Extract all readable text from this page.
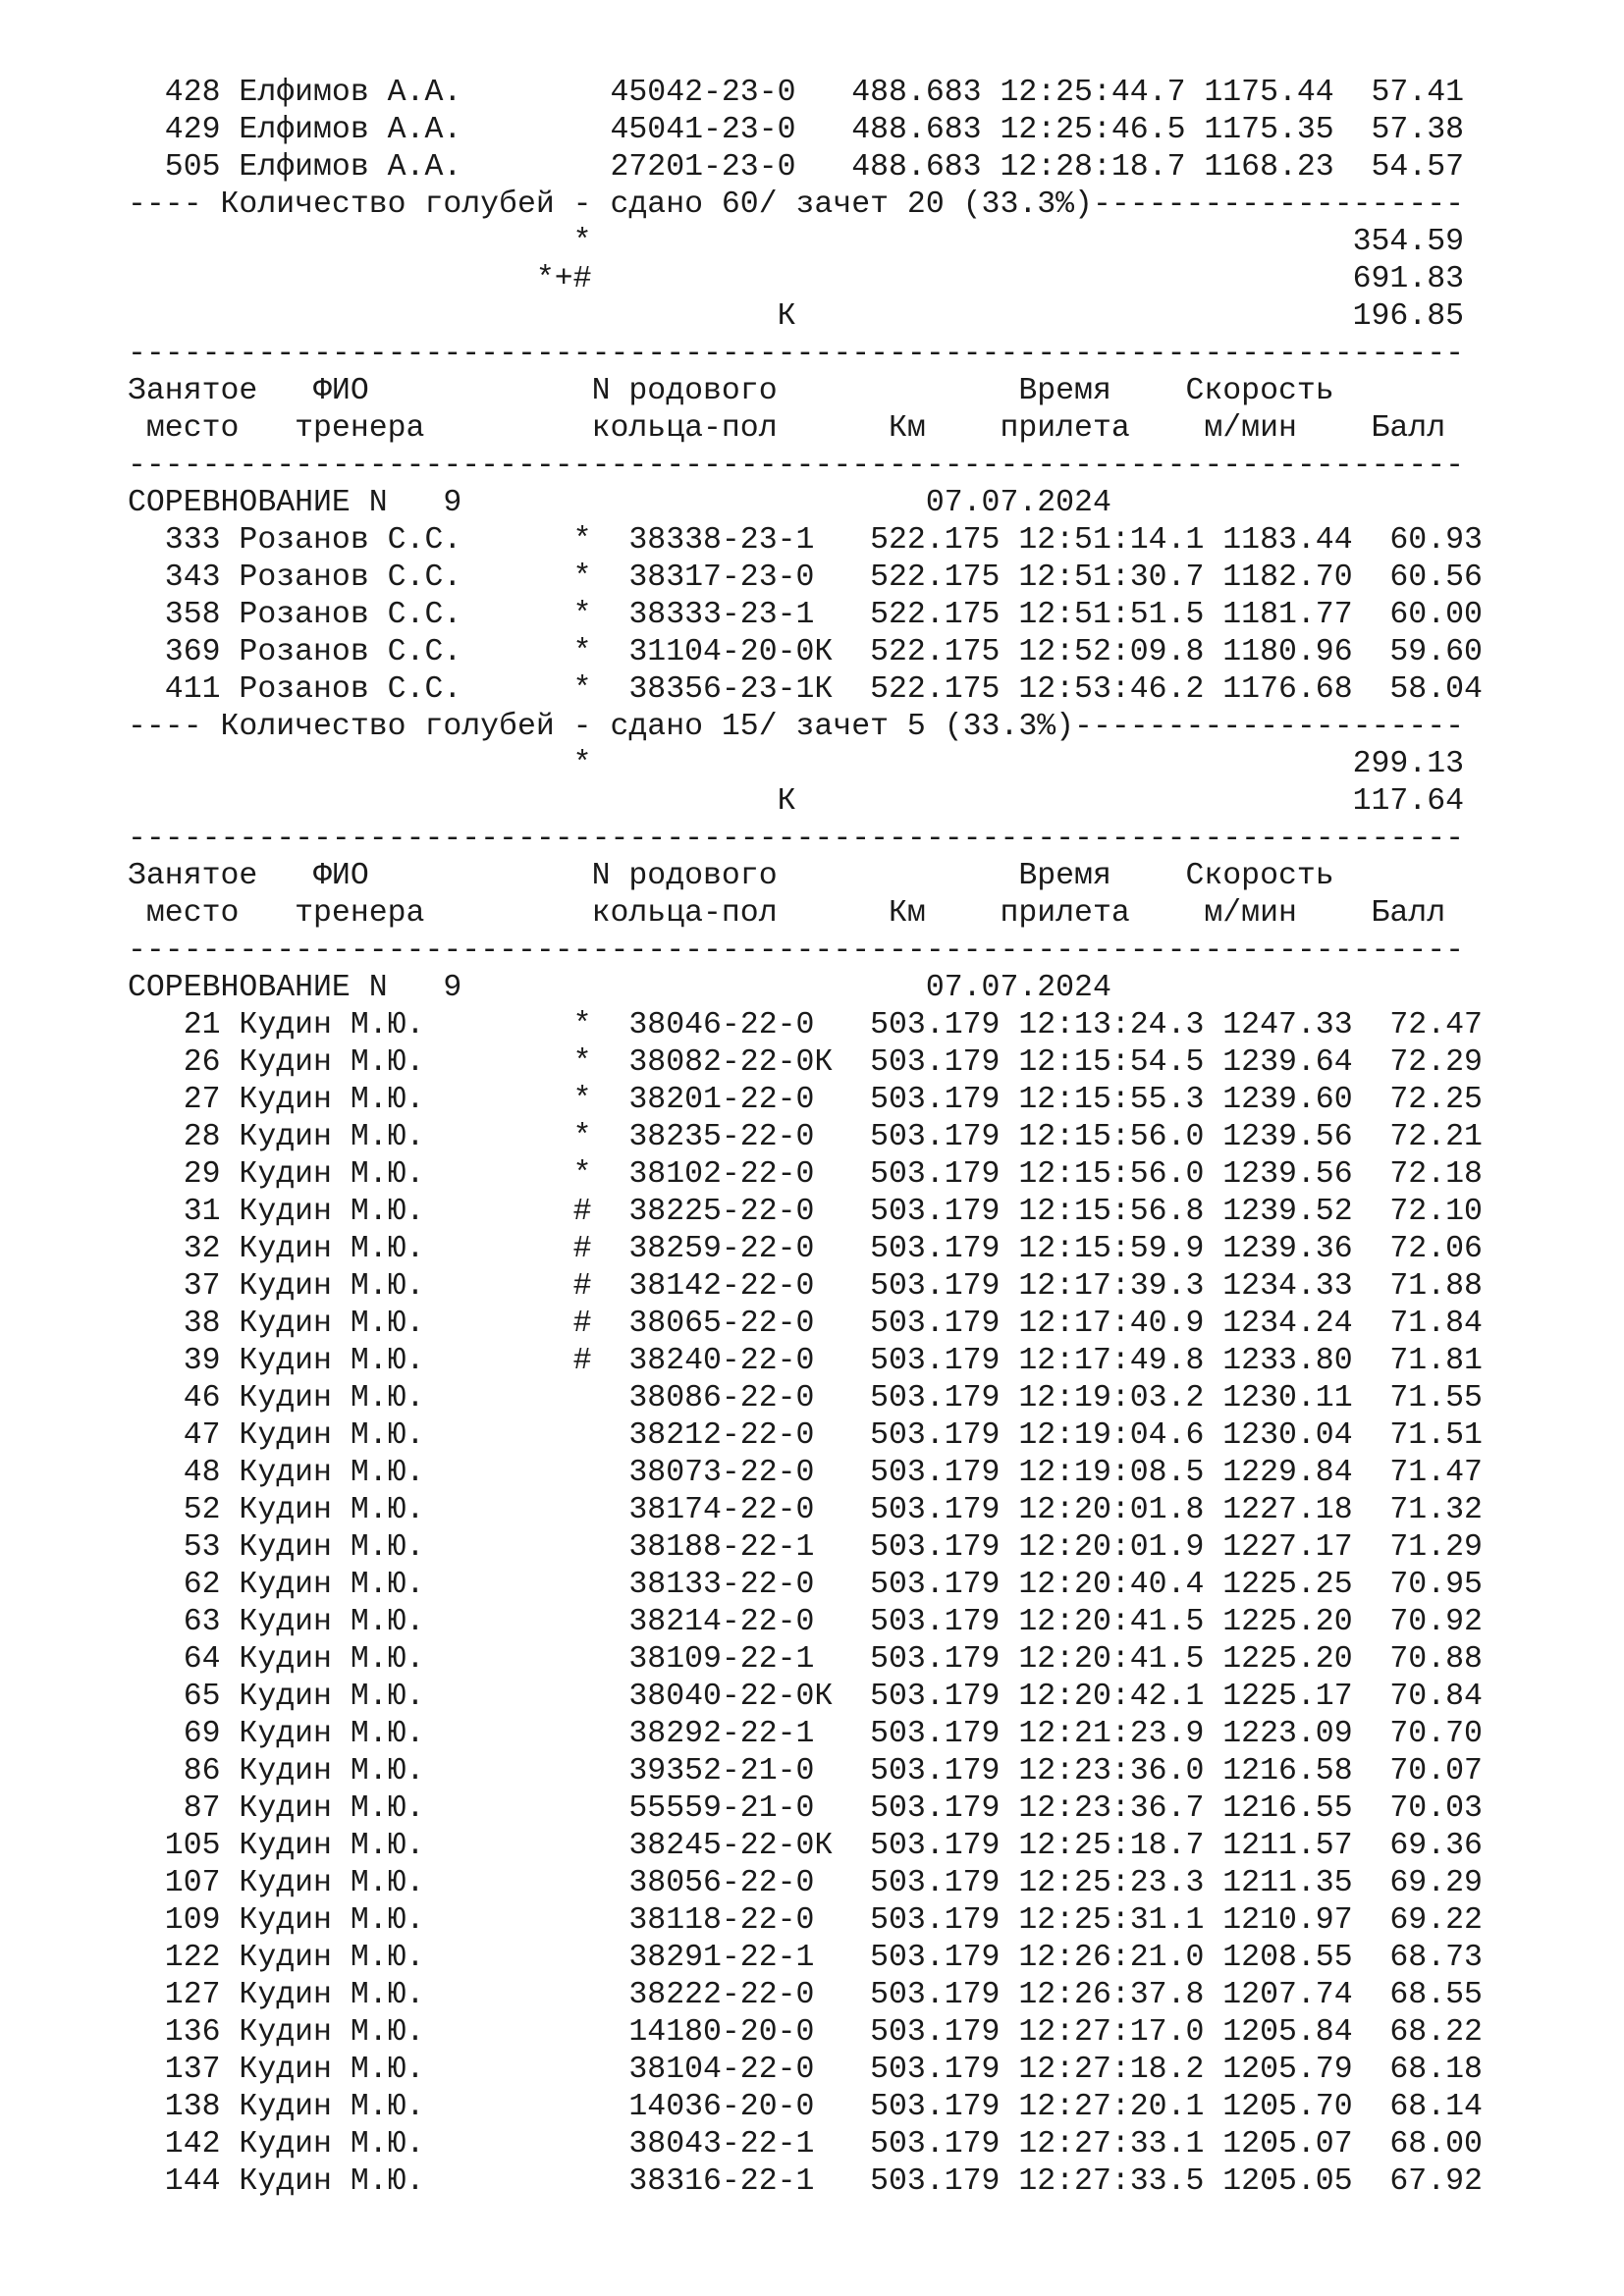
428 Елфимов А.А.        45042-23-0   488.683 12:25:44.7 1175.44  57.41
429 Елфимов А.А.        45041-23-0   488.683 12:25:46.5 1175.35  57.38
505 Елфимов А.А.        27201-23-0   488.683 12:28:18.7 1168.23  54.57
---- Количество голубей - сдано 60/ зачет 20 (33.3%)--------------------
*                                         354.59
*+#                                         691.83
К                              196.85
------------------------------------------------------------------------
Занятое   ФИО            N родового             Время    Скорость
место   тренера         кольца-пол      Км    прилета    м/мин    Балл
------------------------------------------------------------------------
СОРЕВНОВАНИЕ N   9                         07.07.2024
333 Розанов С.С.      *  38338-23-1   522.175 12:51:14.1 1183.44  60.93
343 Розанов С.С.      *  38317-23-0   522.175 12:51:30.7 1182.70  60.56
358 Розанов С.С.      *  38333-23-1   522.175 12:51:51.5 1181.77  60.00
369 Розанов С.С.      *  31104-20-0К  522.175 12:52:09.8 1180.96  59.60
411 Розанов С.С.      *  38356-23-1К  522.175 12:53:46.2 1176.68  58.04
---- Количество голубей - сдано 15/ зачет 5 (33.3%)---------------------
*                                         299.13
К                              117.64
------------------------------------------------------------------------
Занятое   ФИО            N родового             Время    Скорость
место   тренера         кольца-пол      Км    прилета    м/мин    Балл
------------------------------------------------------------------------
СОРЕВНОВАНИЕ N   9                         07.07.2024
21 Кудин М.Ю.        *  38046-22-0   503.179 12:13:24.3 1247.33  72.47
26 Кудин М.Ю.        *  38082-22-0К  503.179 12:15:54.5 1239.64  72.29
27 Кудин М.Ю.        *  38201-22-0   503.179 12:15:55.3 1239.60  72.25
28 Кудин М.Ю.        *  38235-22-0   503.179 12:15:56.0 1239.56  72.21
29 Кудин М.Ю.        *  38102-22-0   503.179 12:15:56.0 1239.56  72.18
31 Кудин М.Ю.        #  38225-22-0   503.179 12:15:56.8 1239.52  72.10
32 Кудин М.Ю.        #  38259-22-0   503.179 12:15:59.9 1239.36  72.06
37 Кудин М.Ю.        #  38142-22-0   503.179 12:17:39.3 1234.33  71.88
38 Кудин М.Ю.        #  38065-22-0   503.179 12:17:40.9 1234.24  71.84
39 Кудин М.Ю.        #  38240-22-0   503.179 12:17:49.8 1233.80  71.81
46 Кудин М.Ю.           38086-22-0   503.179 12:19:03.2 1230.11  71.55
47 Кудин М.Ю.           38212-22-0   503.179 12:19:04.6 1230.04  71.51
48 Кудин М.Ю.           38073-22-0   503.179 12:19:08.5 1229.84  71.47
52 Кудин М.Ю.           38174-22-0   503.179 12:20:01.8 1227.18  71.32
53 Кудин М.Ю.           38188-22-1   503.179 12:20:01.9 1227.17  71.29
62 Кудин М.Ю.           38133-22-0   503.179 12:20:40.4 1225.25  70.95
63 Кудин М.Ю.           38214-22-0   503.179 12:20:41.5 1225.20  70.92
64 Кудин М.Ю.           38109-22-1   503.179 12:20:41.5 1225.20  70.88
65 Кудин М.Ю.           38040-22-0К  503.179 12:20:42.1 1225.17  70.84
69 Кудин М.Ю.           38292-22-1   503.179 12:21:23.9 1223.09  70.70
86 Кудин М.Ю.           39352-21-0   503.179 12:23:36.0 1216.58  70.07
87 Кудин М.Ю.           55559-21-0   503.179 12:23:36.7 1216.55  70.03
105 Кудин М.Ю.           38245-22-0К  503.179 12:25:18.7 1211.57  69.36
107 Кудин М.Ю.           38056-22-0   503.179 12:25:23.3 1211.35  69.29
109 Кудин М.Ю.           38118-22-0   503.179 12:25:31.1 1210.97  69.22
122 Кудин М.Ю.           38291-22-1   503.179 12:26:21.0 1208.55  68.73
127 Кудин М.Ю.           38222-22-0   503.179 12:26:37.8 1207.74  68.55
136 Кудин М.Ю.           14180-20-0   503.179 12:27:17.0 1205.84  68.22
137 Кудин М.Ю.           38104-22-0   503.179 12:27:18.2 1205.79  68.18
138 Кудин М.Ю.           14036-20-0   503.179 12:27:20.1 1205.70  68.14
142 Кудин М.Ю.           38043-22-1   503.179 12:27:33.1 1205.07  68.00
144 Кудин М.Ю.           38316-22-1   503.179 12:27:33.5 1205.05  67.92
